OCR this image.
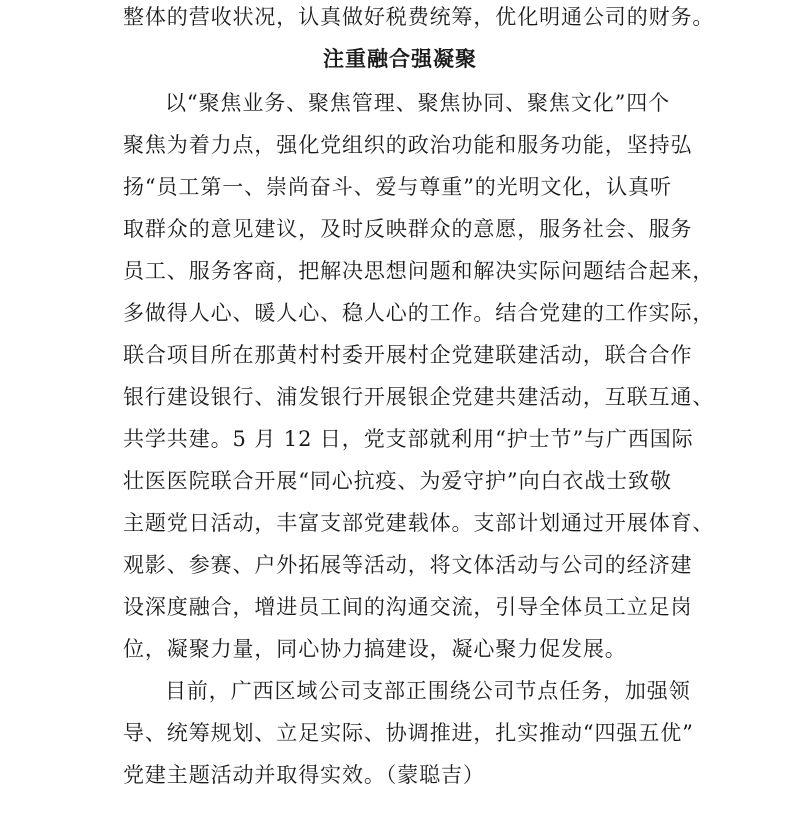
整体的营收状况，认真做好税费统筹，优化明通公司的财务。
注重融合强凝聚
以“聚焦业务、聚焦管理、聚焦协同、聚焦文化”四个
聚焦为着力点，强化党组织的政治功能和服务功能，坚持弘
扬“员工第一、崇尚奋斗、爱与尊重”的光明文化，认真听
取群众的意见建议，及时反映群众的意愿，服务社会、服务
员工、服务客商，把解决思想问题和解决实际问题结合起来，
多做得人心、暖人心、稳人心的工作。结合党建的工作实际，
联合项目所在那黄村村委开展村企党建联建活动，联合合作
银行建设银行、浦发银行开展银企党建共建活动，互联互通、
共学共建。5 月 12 日，党支部就利用“护士节”与广西国际
壮医医院联合开展“同心抗疫、为爱守护”向白衣战士致敬
主题党日活动，丰富支部党建载体。支部计划通过开展体育、
观影、参赛、户外拓展等活动，将文体活动与公司的经济建
设深度融合，增进员工间的沟通交流，引导全体员工立足岗
位，凝聚力量，同心协力搞建设，凝心聚力促发展。
目前，广西区域公司支部正围绕公司节点任务，加强领
导、统筹规划、立足实际、协调推进，扎实推动“四强五优”
党建主题活动并取得实效。（蒙聪吉）
